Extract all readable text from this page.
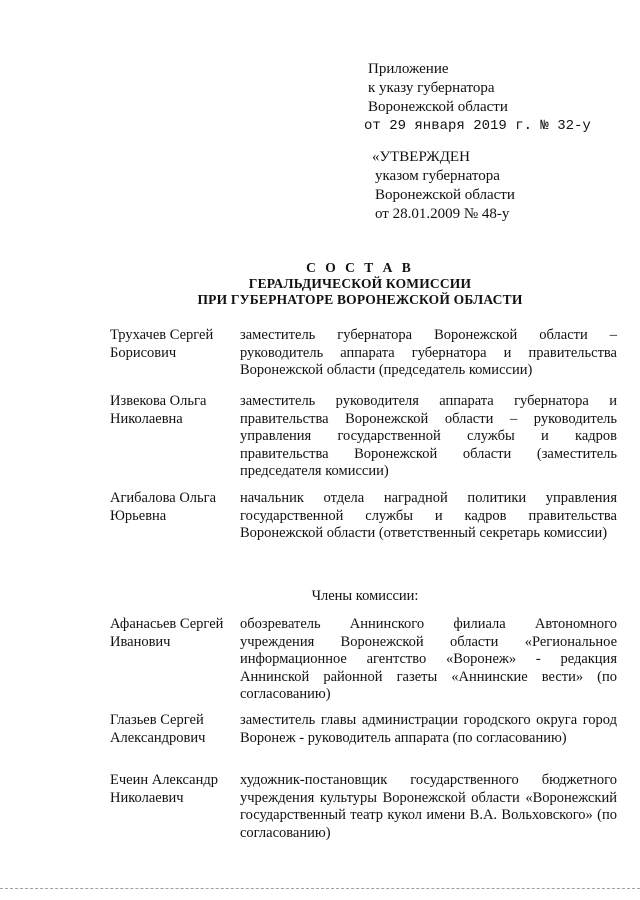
Приложение
к указу губернатора
Воронежской области
от 29 января 2019 г. № 32-у
«УТВЕРЖДЕН
указом губернатора
Воронежской области
от 28.01.2009 № 48-у
С О С Т А В
ГЕРАЛЬДИЧЕСКОЙ КОМИССИИ
ПРИ ГУБЕРНАТОРЕ ВОРОНЕЖСКОЙ ОБЛАСТИ
Трухачев Сергей
Борисович
заместитель губернатора Воронежской области – руководитель аппарата губернатора и правительства Воронежской области (председатель комиссии)
Извекова Ольга
Николаевна
заместитель руководителя аппарата губернатора и правительства Воронежской области – руководитель управления государственной службы и кадров правительства Воронежской области (заместитель председателя комиссии)
Агибалова Ольга
Юрьевна
начальник отдела наградной политики управления государственной службы и кадров правительства Воронежской области (ответственный секретарь комиссии)
Члены комиссии:
Афанасьев Сергей
Иванович
обозреватель Аннинского филиала Автономного учреждения Воронежской области «Региональное информационное агентство «Воронеж» - редакция Аннинской районной газеты «Аннинские вести» (по согласованию)
Глазьев Сергей
Александрович
заместитель главы администрации городского округа город Воронеж - руководитель аппарата (по согласованию)
Ечеин Александр
Николаевич
художник-постановщик государственного бюджетного учреждения культуры Воронежской области «Воронежский государственный театр кукол имени В.А. Вольховского» (по согласованию)
